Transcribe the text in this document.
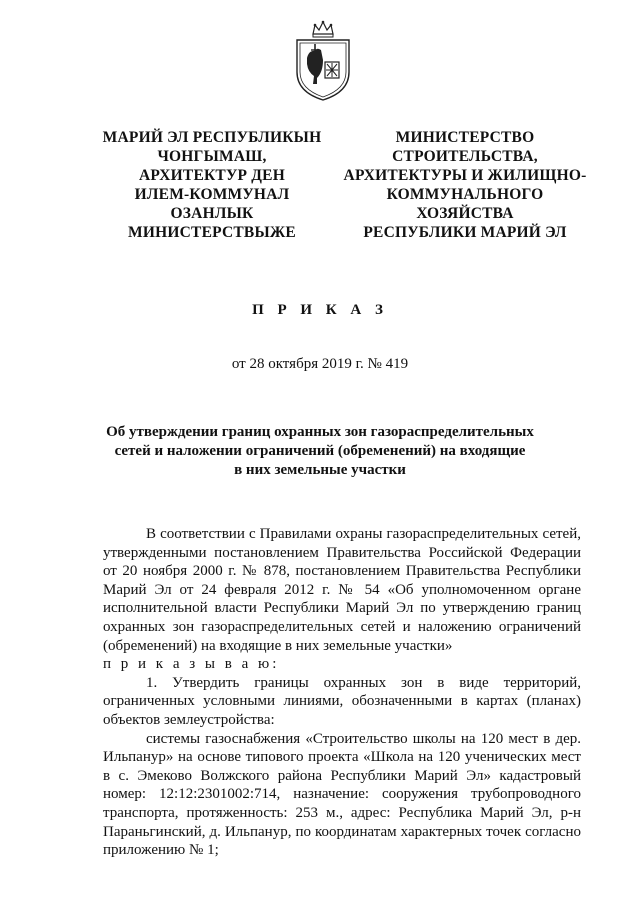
МАРИЙ ЭЛ РЕСПУБЛИКЫН
ЧОНГЫМАШ,
АРХИТЕКТУР ДЕН
ИЛЕМ-КОММУНАЛ
ОЗАНЛЫК
МИНИСТЕРСТВЫЖЕ
МИНИСТЕРСТВО
СТРОИТЕЛЬСТВА,
АРХИТЕКТУРЫ И ЖИЛИЩНО-
КОММУНАЛЬНОГО
ХОЗЯЙСТВА
РЕСПУБЛИКИ МАРИЙ ЭЛ
П Р И К А З
от 28 октября 2019 г. № 419
Об утверждении границ охранных зон газораспределительных
сетей и наложении ограничений (обременений) на входящие
в них земельные участки

В соответствии с Правилами охраны газораспределительных сетей, утвержденными постановлением Правительства Российской Федерации от 20 ноября 2000 г. № 878, постановлением Правительства Республики Марий Эл от 24 февраля 2012 г. № 54 «Об уполномоченном органе исполнительной власти Республики Марий Эл по утверждению границ охранных зон газораспределительных сетей и наложению ограничений (обременений) на входящие в них земельные участки»

п р и к а з ы в а ю:

1. Утвердить границы охранных зон в виде территорий, ограниченных условными линиями, обозначенными в картах (планах) объектов землеустройства:

системы газоснабжения «Строительство школы на 120 мест в дер. Ильпанур» на основе типового проекта «Школа на 120 ученических мест в с. Эмеково Волжского района Республики Марий Эл» кадастровый номер: 12:12:2301002:714, назначение: сооружения трубопроводного транспорта, протяженность: 253 м., адрес: Республика Марий Эл, р-н Параньгинский, д. Ильпанур, по координатам характерных точек согласно приложению № 1;
